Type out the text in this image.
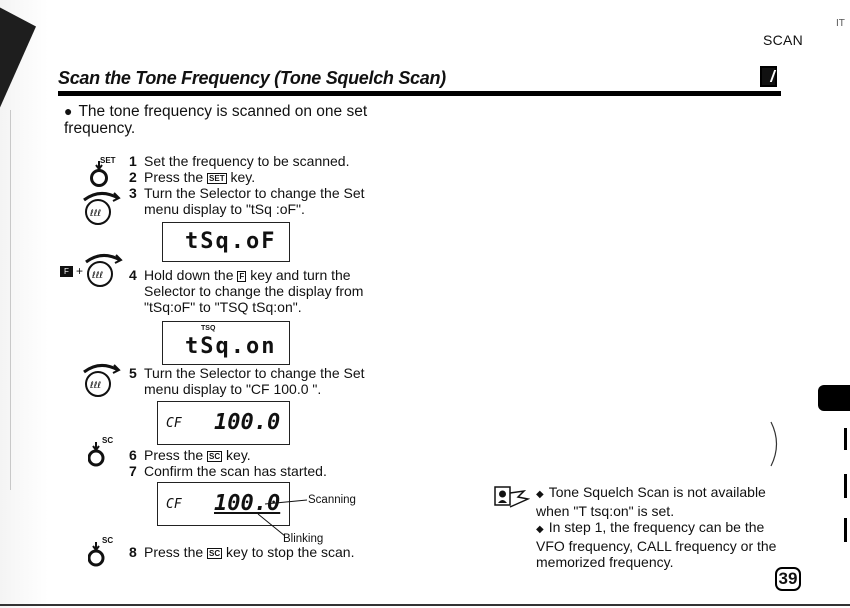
SCAN
IT
Scan the Tone Frequency (Tone Squelch Scan)
● The tone frequency is scanned on one set frequency.
SET
ℓℓℓ
F + ℓℓℓ
ℓℓℓ
SC
SC
1 Set the frequency to be scanned.
2 Press the SET key.
3 Turn the Selector to change the Set menu display to "tSq :oF".
tSq.oF
4 Hold down the F key and turn the Selector to change the display from "tSq:oF" to "TSQ tSq:on".
TSQ
tSq.on
5 Turn the Selector to change the Set menu display to "CF 100.0 ".
CF 100.0
6 Press the SC key.
7 Confirm the scan has started.
CF 100.0 Scanning
Blinking
8 Press the SC key to stop the scan.
◆ Tone Squelch Scan is not available when "T tsq:on" is set.
◆ In step 1, the frequency can be the VFO frequency, CALL frequency or the memorized frequency.
39
